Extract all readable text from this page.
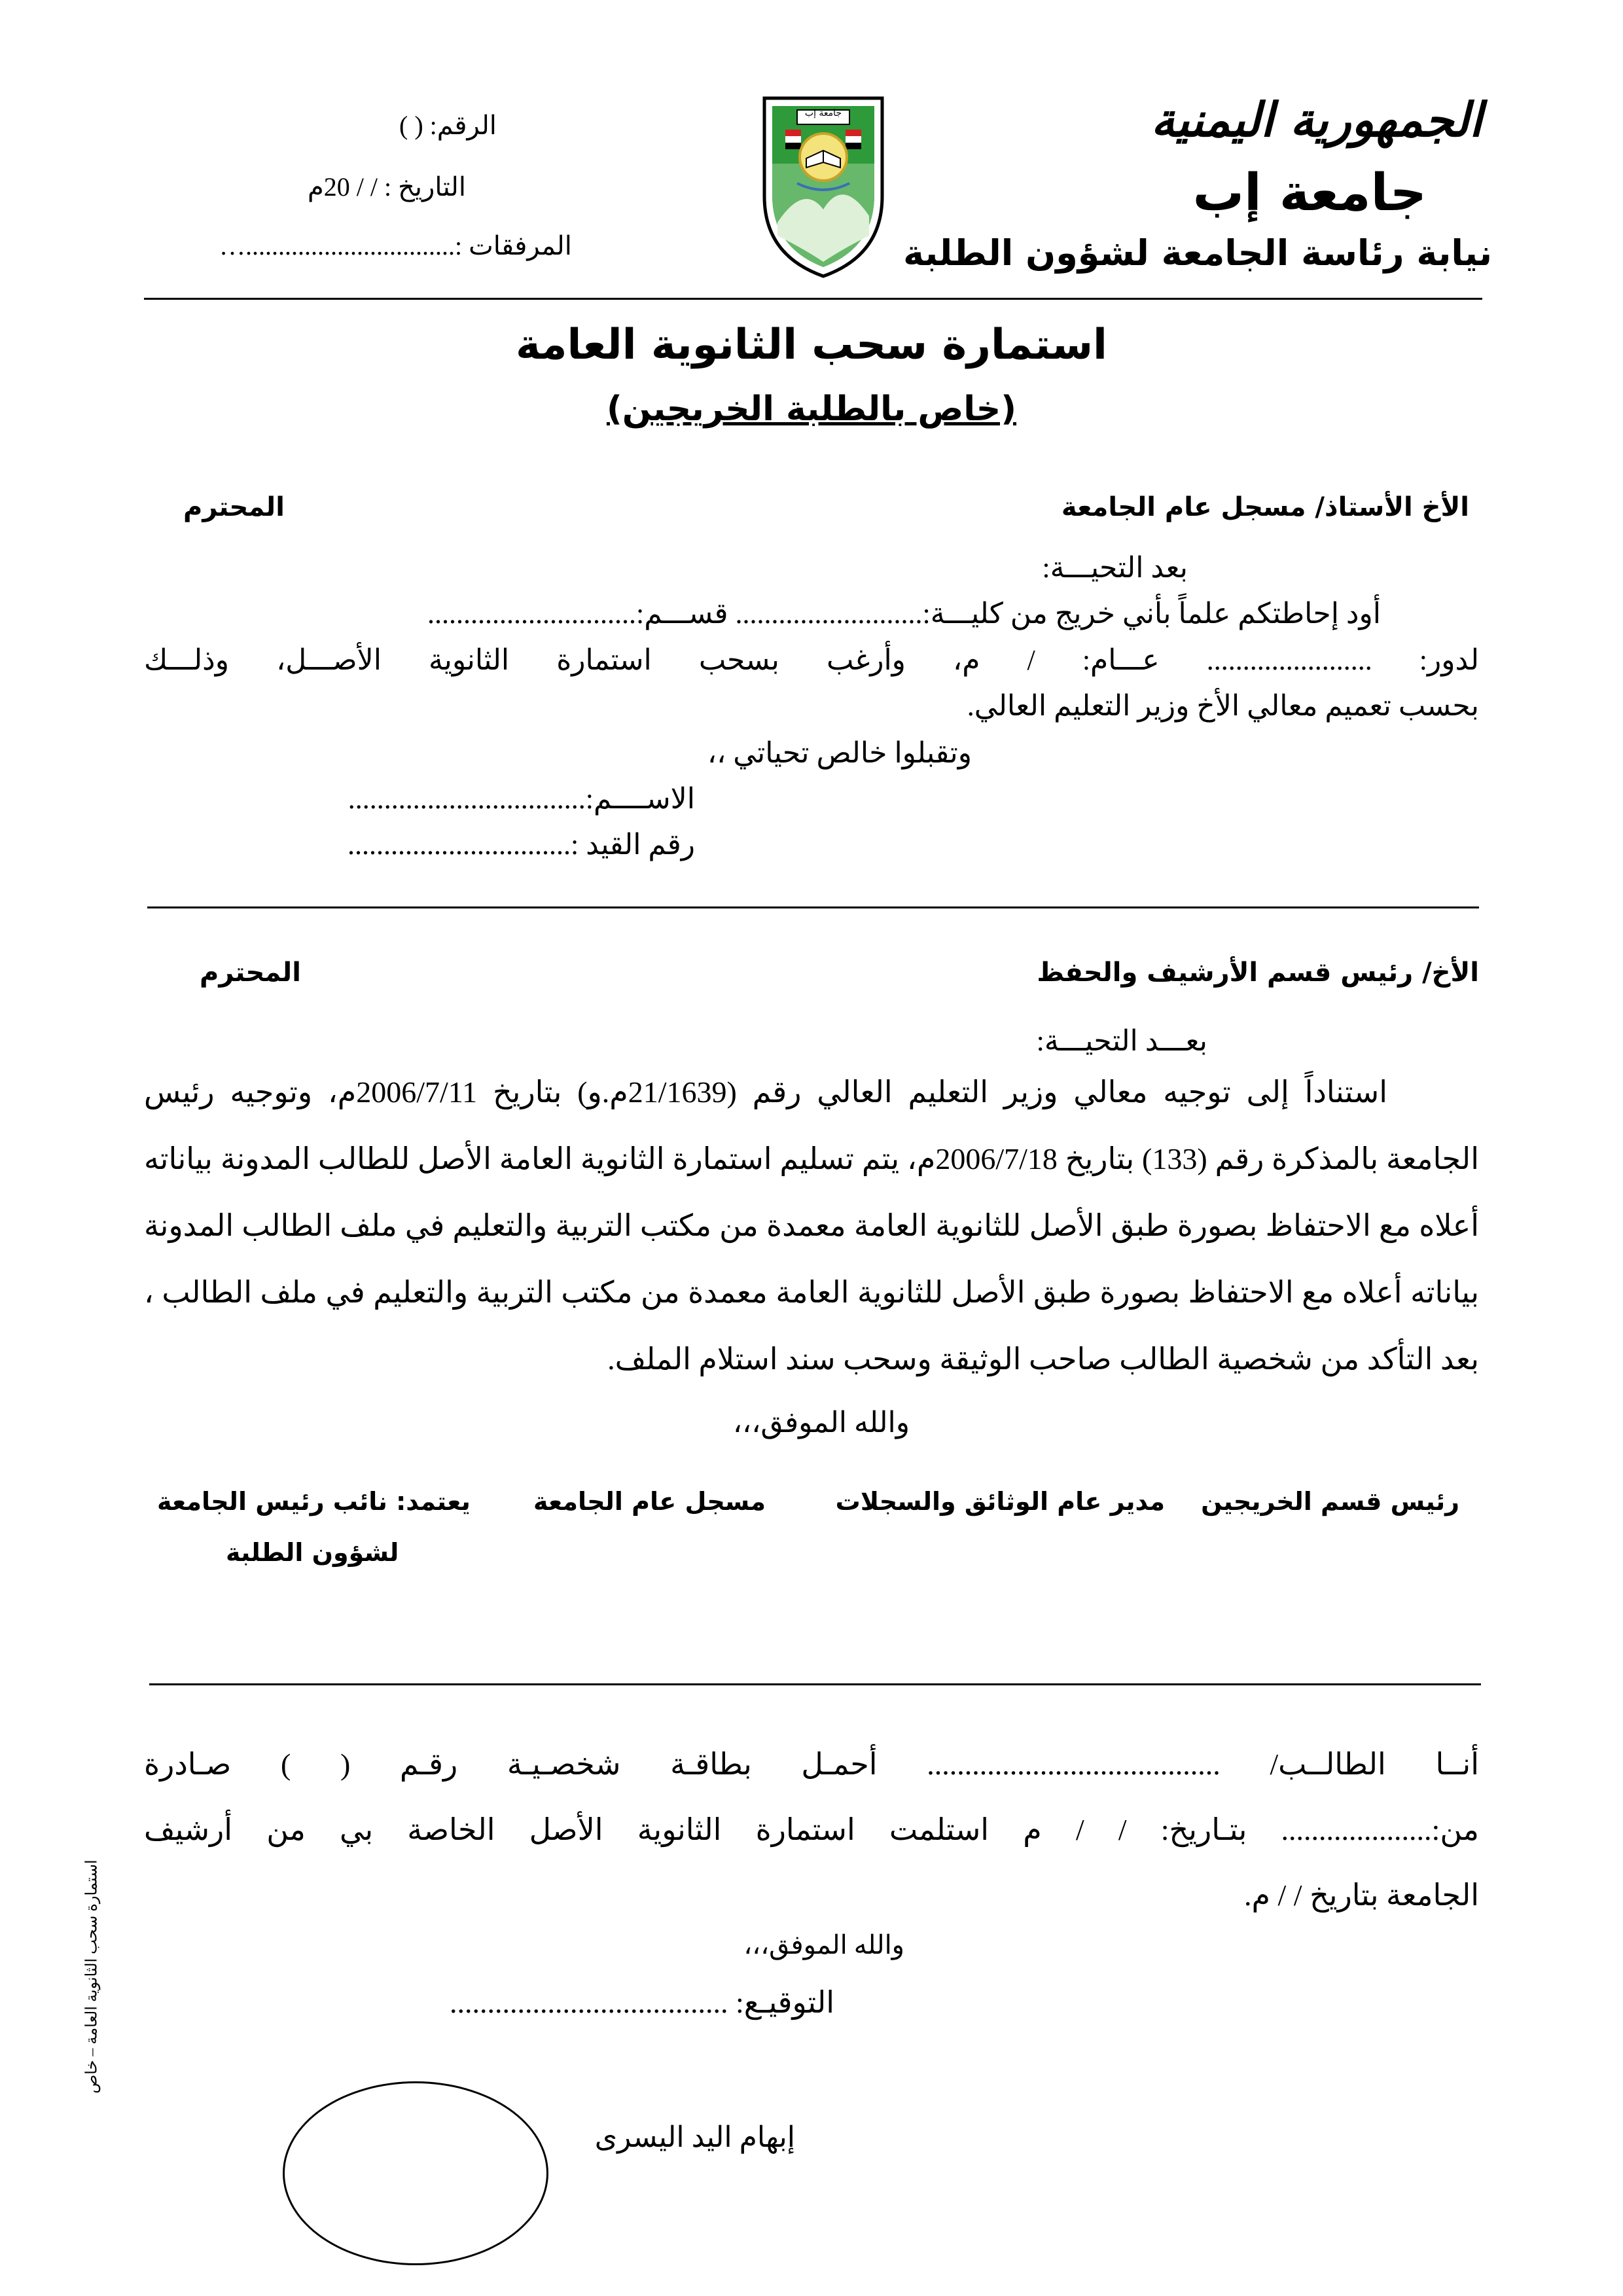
الجمهورية اليمنية
جامعة إب
نيابة رئاسة الجامعة لشؤون الطلبة
جامعة إب
الرقم: ( )
التاريخ : / / 20م
المرفقات :................................…
استمارة سحب الثانوية العامة
(خاص بالطلبة الخريجين)
الأخ الأستاذ/ مسجل عام الجامعة
المحترم
بعد التحيـــة:
أود إحاطتكم علماً بأني خريج من كليـــة:.......................... قســـم:.............................
لدور: ....................... عـــام: / م، وأرغب بسحب استمارة الثانوية الأصـــل، وذلـــك
بحسب تعميم معالي الأخ وزير التعليم العالي.
وتقبلوا خالص تحياتي ،،
الاســــم:.................................
رقم القيد :...............................
الأخ/ رئيس قسم الأرشيف والحفظ
المحترم
بعـــد التحيـــة:
استناداً إلى توجيه معالي وزير التعليم العالي رقم (21/1639م.و) بتاريخ 2006/7/11م، وتوجيه رئيس الجامعة بالمذكرة رقم (133) بتاريخ 2006/7/18م، يتم تسليم استمارة الثانوية العامة الأصل للطالب المدونة بياناته أعلاه مع الاحتفاظ بصورة طبق الأصل للثانوية العامة معمدة من مكتب التربية والتعليم في ملف الطالب المدونة بياناته أعلاه مع الاحتفاظ بصورة طبق الأصل للثانوية العامة معمدة من مكتب التربية والتعليم في ملف الطالب ، بعد التأكد من شخصية الطالب صاحب الوثيقة وسحب سند استلام الملف.
والله الموفق،،،
رئيس قسم الخريجين
مدير عام الوثائق والسجلات
مسجل عام الجامعة
يعتمد: نائب رئيس الجامعة
لشؤون الطلبة
أنــا الطالــب/ ....................................... أحمـل بطاقـة شخصـيـة رقـم ( ) صـادرة
من:.................... بتـاريخ: / / م استلمت استمارة الثانوية الأصل الخاصة بي من أرشيف
الجامعة بتاريخ / / م.
والله الموفق،،،
التوقيـع: .....................................
إبهام اليد اليسرى
استمارة سحب الثانوية العامة – خاص
